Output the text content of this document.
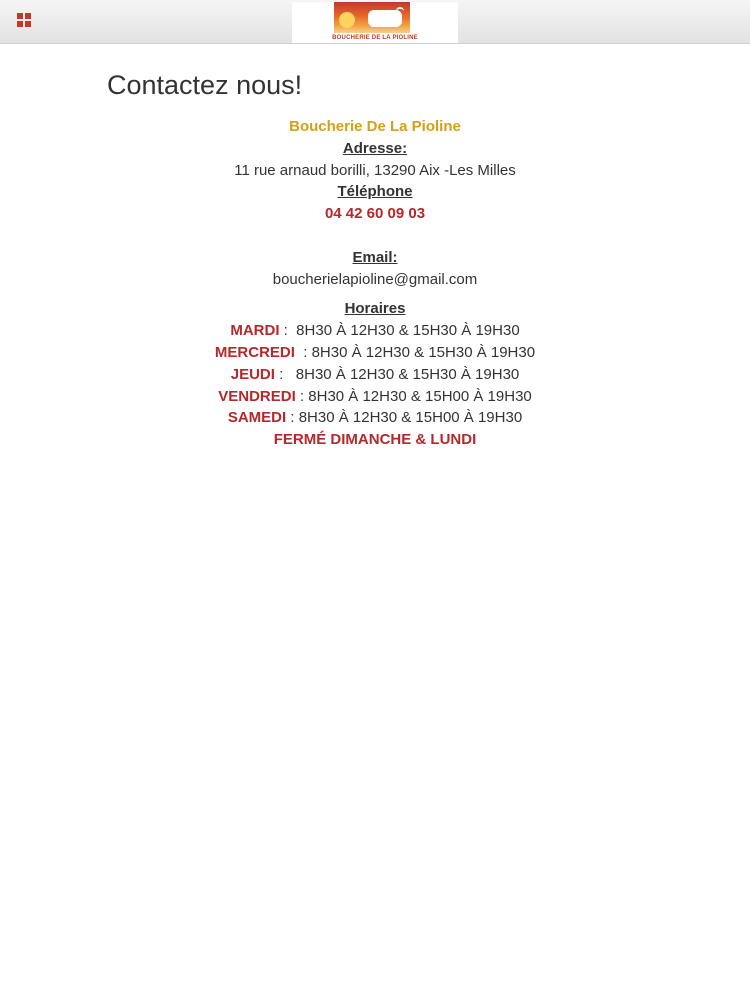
BOUCHERIE DE LA PIOLINE
Contactez nous!
Boucherie De La Pioline
Adresse:
11 rue arnaud borilli, 13290 Aix -Les Milles
Téléphone
04 42 60 09 03
Email:
boucherielapioline@gmail.com
Horaires
MARDI :  8H30 À 12H30 & 15H30 À 19H30
MERCREDI  : 8H30 À 12H30 & 15H30 À 19H30
JEUDI :   8H30 À 12H30 & 15H30 À 19H30
VENDREDI : 8H30 À 12H30 & 15H00 À 19H30
SAMEDI : 8H30 À 12H30 & 15H00 À 19H30
FERMÉ DIMANCHE & LUNDI
